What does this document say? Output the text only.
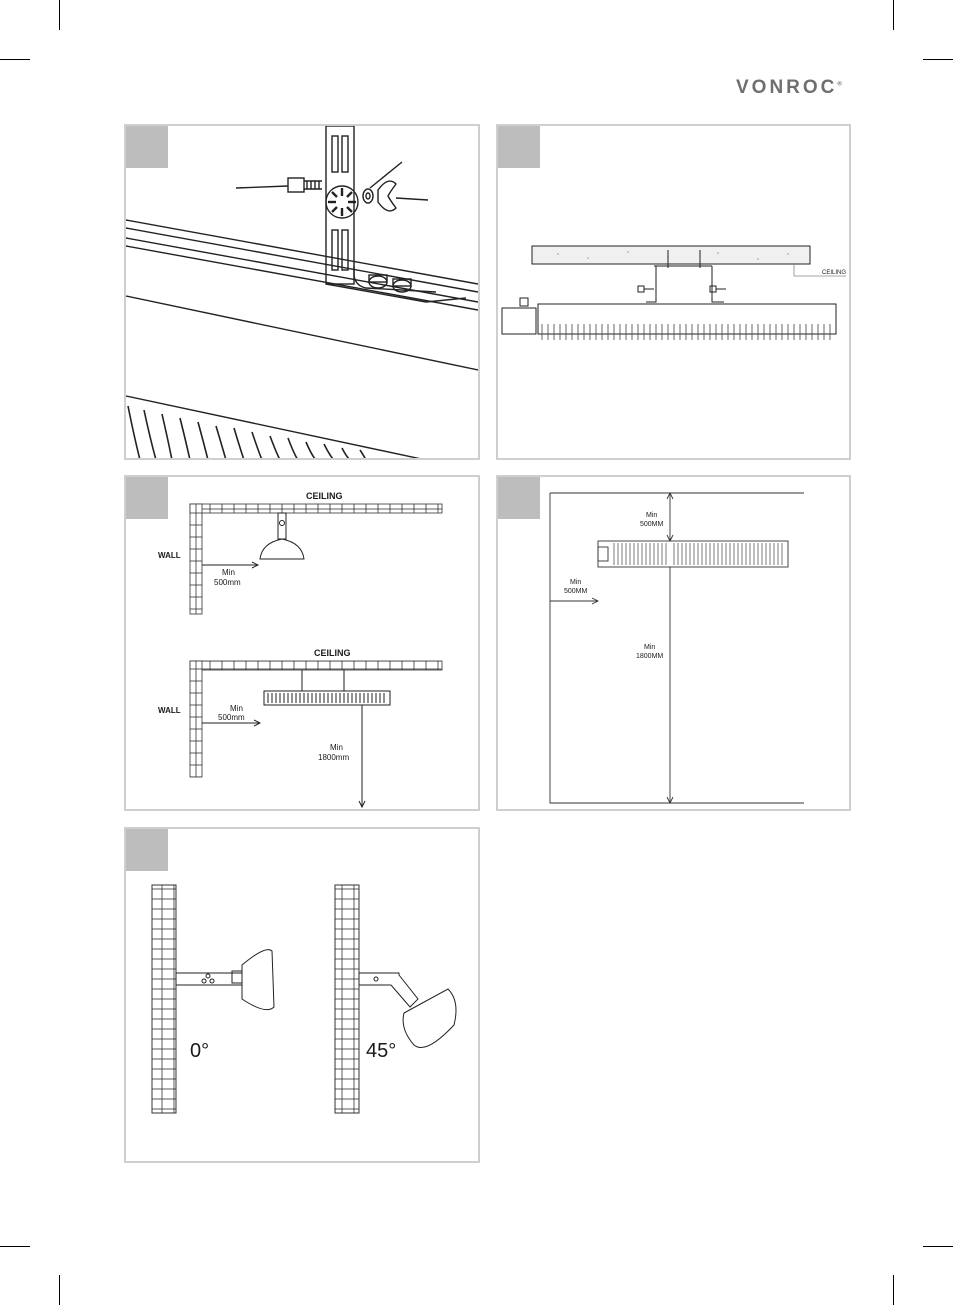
VONROC®
CEILING
CEILING
WALL
Min
500mm
CEILING
WALL	Min
500mm
Min
1800mm
Min
500MM
Min
500MM
Min
1800MM
0°	45°
